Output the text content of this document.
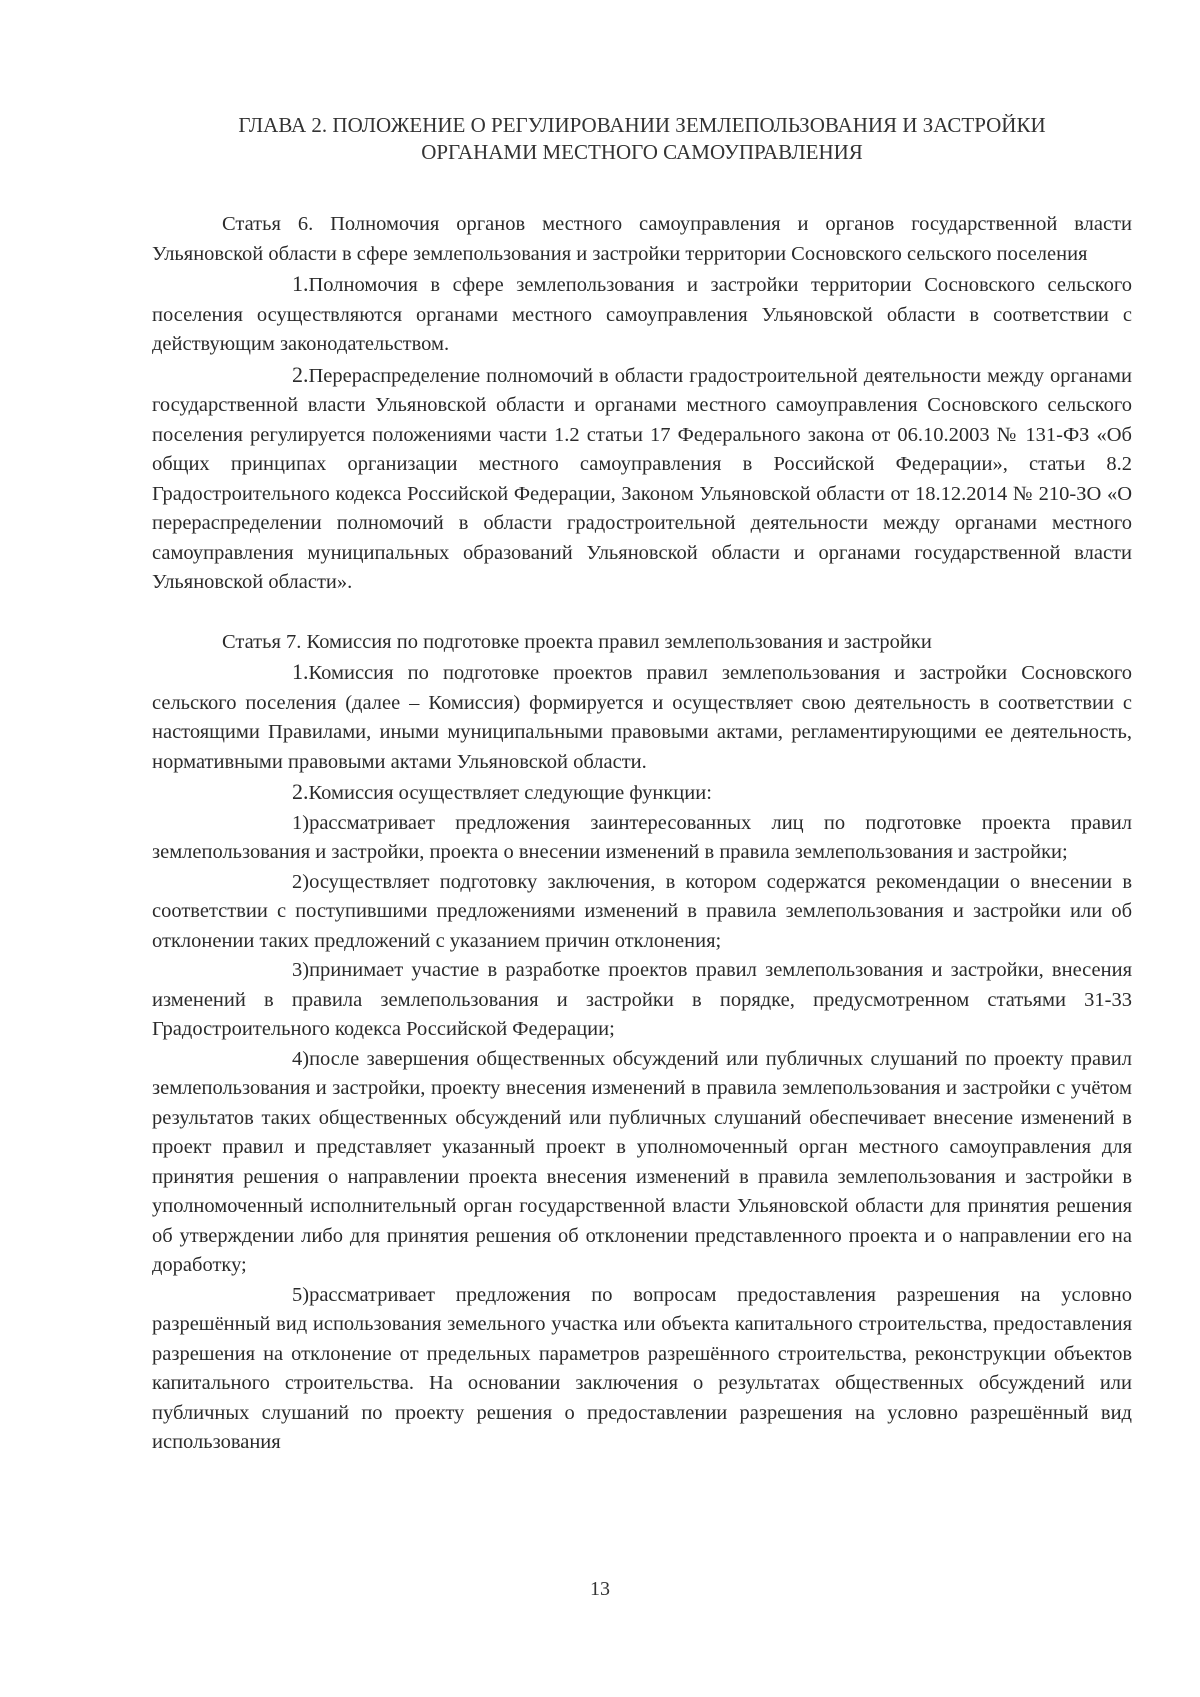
ГЛАВА 2. ПОЛОЖЕНИЕ О РЕГУЛИРОВАНИИ ЗЕМЛЕПОЛЬЗОВАНИЯ И ЗАСТРОЙКИ
ОРГАНАМИ МЕСТНОГО САМОУПРАВЛЕНИЯ

Статья 6. Полномочия органов местного самоуправления и органов государственной власти Ульяновской области в сфере землепользования и застройки территории Сосновского сельского поселения

1.Полномочия в сфере землепользования и застройки территории Сосновского сельского поселения осуществляются органами местного самоуправления Ульяновской области в соответствии с действующим законодательством.

2.Перераспределение полномочий в области градостроительной деятельности между органами государственной власти Ульяновской области и органами местного самоуправления Сосновского сельского поселения регулируется положениями части 1.2 статьи 17 Федерального закона от 06.10.2003 № 131-ФЗ «Об общих принципах организации местного самоуправления в Российской Федерации», статьи 8.2 Градостроительного кодекса Российской Федерации, Законом Ульяновской области от 18.12.2014 № 210-ЗО «О перераспределении полномочий в области градостроительной деятельности между органами местного самоуправления муниципальных образований Ульяновской области и органами государственной власти Ульяновской области».

Статья 7. Комиссия по подготовке проекта правил землепользования и застройки

1.Комиссия по подготовке проектов правил землепользования и застройки Сосновского сельского поселения (далее – Комиссия) формируется и осуществляет свою деятельность в соответствии с настоящими Правилами, иными муниципальными правовыми актами, регламентирующими ее деятельность, нормативными правовыми актами Ульяновской области.

2.Комиссия осуществляет следующие функции:

1)рассматривает предложения заинтересованных лиц по подготовке проекта правил землепользования и застройки, проекта о внесении изменений в правила землепользования и застройки;

2)осуществляет подготовку заключения, в котором содержатся рекомендации о внесении в соответствии с поступившими предложениями изменений в правила землепользования и застройки или об отклонении таких предложений с указанием причин отклонения;

3)принимает участие в разработке проектов правил землепользования и застройки, внесения изменений в правила землепользования и застройки в порядке, предусмотренном статьями 31-33 Градостроительного кодекса Российской Федерации;

4)после завершения общественных обсуждений или публичных слушаний по проекту правил землепользования и застройки, проекту внесения изменений в правила землепользования и застройки с учётом результатов таких общественных обсуждений или публичных слушаний обеспечивает внесение изменений в проект правил и представляет указанный проект в уполномоченный орган местного самоуправления для принятия решения о направлении проекта внесения изменений в правила землепользования и застройки в уполномоченный исполнительный орган государственной власти Ульяновской области для принятия решения об утверждении либо для принятия решения об отклонении представленного проекта и о направлении его на доработку;

5)рассматривает предложения по вопросам предоставления разрешения на условно разрешённый вид использования земельного участка или объекта капитального строительства, предоставления разрешения на отклонение от предельных параметров разрешённого строительства, реконструкции объектов капитального строительства. На основании заключения о результатах общественных обсуждений или публичных слушаний по проекту решения о предоставлении разрешения на условно разрешённый вид использования

13
